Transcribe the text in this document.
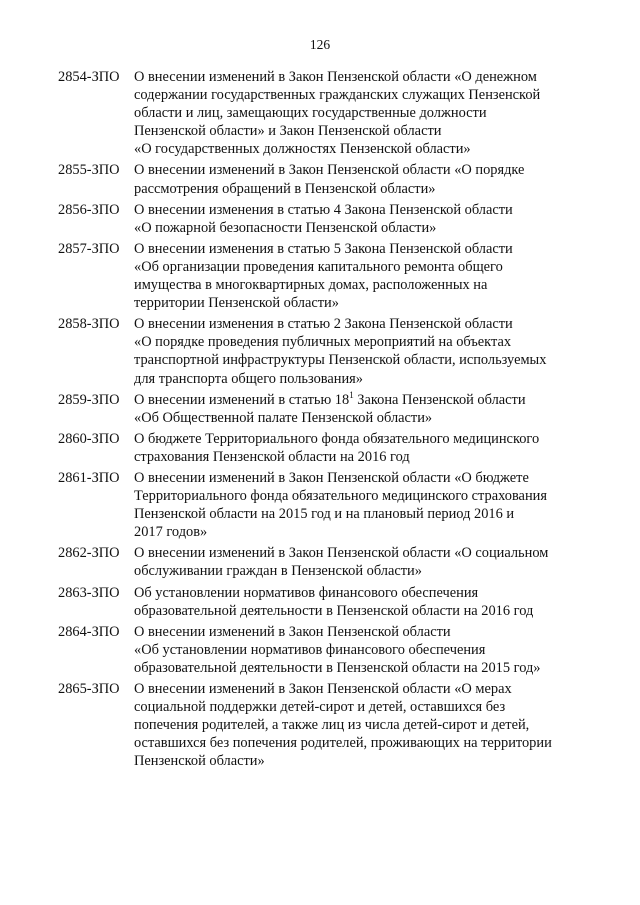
126
2854-ЗПО	О внесении изменений в Закон Пензенской области «О денежном
содержании государственных гражданских служащих Пензенской
области и лиц, замещающих государственные должности
Пензенской области» и Закон Пензенской области
«О государственных должностях Пензенской области»
2855-ЗПО	О внесении изменений в Закон Пензенской области «О порядке
рассмотрения обращений в Пензенской области»
2856-ЗПО	О внесении изменения в статью 4 Закона Пензенской области
«О пожарной безопасности Пензенской области»
2857-ЗПО	О внесении изменения в статью 5 Закона Пензенской области
«Об организации проведения капитального ремонта общего
имущества в многоквартирных домах, расположенных на
территории Пензенской области»
2858-ЗПО	О внесении изменения в статью 2 Закона Пензенской области
«О порядке проведения публичных мероприятий на объектах
транспортной инфраструктуры Пензенской области, используемых
для транспорта общего пользования»
2859-ЗПО	О внесении изменений в статью $18^1$ Закона Пензенской области
«Об Общественной палате Пензенской области»
2860-ЗПО	О бюджете Территориального фонда обязательного медицинского
страхования Пензенской области на 2016 год
2861-ЗПО	О внесении изменений в Закон Пензенской области «О бюджете
Территориального фонда обязательного медицинского страхования
Пензенской области на 2015 год и на плановый период 2016 и
2017 годов»
2862-ЗПО	О внесении изменений в Закон Пензенской области «О социальном
обслуживании граждан в Пензенской области»
2863-ЗПО	Об установлении нормативов финансового обеспечения
образовательной деятельности в Пензенской области на 2016 год
2864-ЗПО	О внесении изменений в Закон Пензенской области
«Об установлении нормативов финансового обеспечения
образовательной деятельности в Пензенской области на 2015 год»
2865-ЗПО	О внесении изменений в Закон Пензенской области «О мерах
социальной поддержки детей-сирот и детей, оставшихся без
попечения родителей, а также лиц из числа детей-сирот и детей,
оставшихся без попечения родителей, проживающих на территории
Пензенской области»
